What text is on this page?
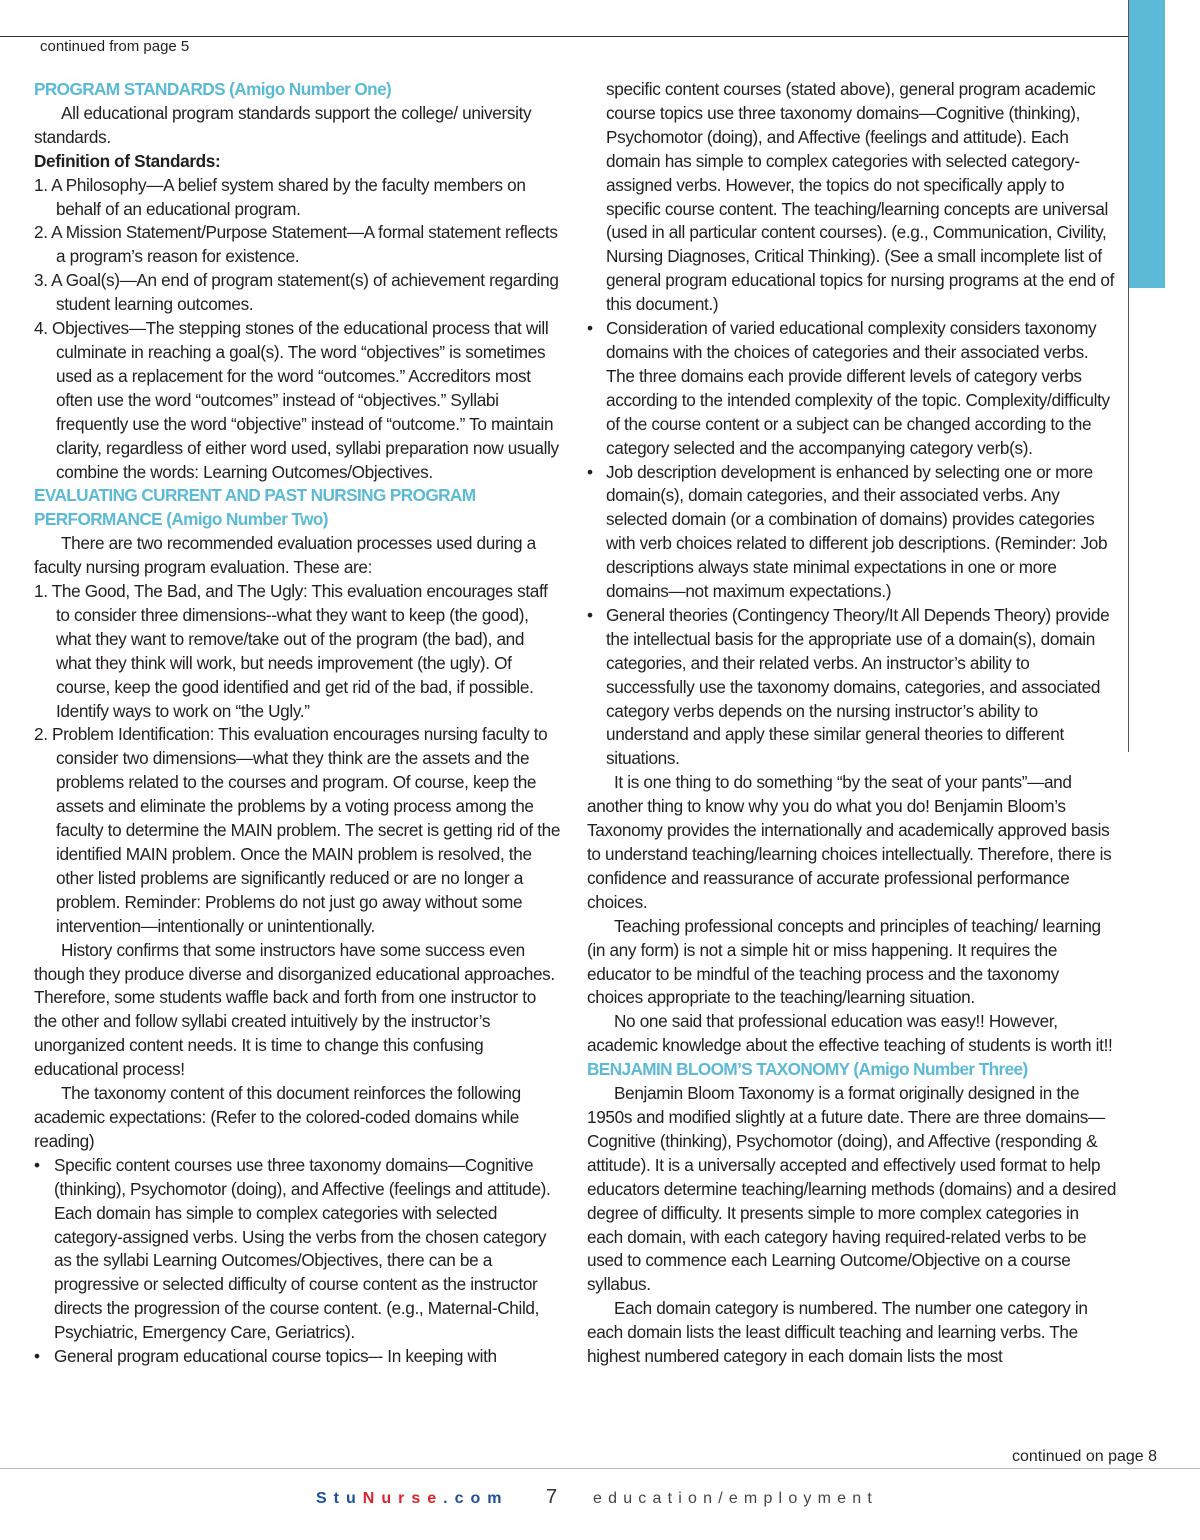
continued from page 5

PROGRAM STANDARDS (Amigo Number One)

All educational program standards support the college/ university standards.

Definition of Standards:

1. A Philosophy—A belief system shared by the faculty members on behalf of an educational program.

2. A Mission Statement/Purpose Statement—A formal statement reflects a program’s reason for existence.

3. A Goal(s)—An end of program statement(s) of achievement regarding student learning outcomes.

4. Objectives—The stepping stones of the educational process that will culminate in reaching a goal(s). The word “objectives” is sometimes used as a replacement for the word “outcomes.” Accreditors most often use the word “outcomes” instead of “objectives.” Syllabi frequently use the word “objective” instead of “outcome.” To maintain clarity, regardless of either word used, syllabi preparation now usually combine the words: Learning Outcomes/Objectives.

EVALUATING CURRENT AND PAST NURSING PROGRAM PERFORMANCE (Amigo Number Two)

There are two recommended evaluation processes used during a faculty nursing program evaluation. These are:

1. The Good, The Bad, and The Ugly: This evaluation encourages staff to consider three dimensions--what they want to keep (the good), what they want to remove/take out of the program (the bad), and what they think will work, but needs improvement (the ugly). Of course, keep the good identified and get rid of the bad, if possible. Identify ways to work on “the Ugly.”

2. Problem Identification: This evaluation encourages nursing faculty to consider two dimensions—what they think are the assets and the problems related to the courses and program. Of course, keep the assets and eliminate the problems by a voting process among the faculty to determine the MAIN problem. The secret is getting rid of the identified MAIN problem. Once the MAIN problem is resolved, the other listed problems are significantly reduced or are no longer a problem. Reminder: Problems do not just go away without some intervention—intentionally or unintentionally.

History confirms that some instructors have some success even though they produce diverse and disorganized educational approaches. Therefore, some students waffle back and forth from one instructor to the other and follow syllabi created intuitively by the instructor’s unorganized content needs. It is time to change this confusing educational process!

The taxonomy content of this document reinforces the following academic expectations: (Refer to the colored-coded domains while reading)

• Specific content courses use three taxonomy domains—Cognitive (thinking), Psychomotor (doing), and Affective (feelings and attitude). Each domain has simple to complex categories with selected category-assigned verbs. Using the verbs from the chosen category as the syllabi Learning Outcomes/Objectives, there can be a progressive or selected difficulty of course content as the instructor directs the progression of the course content. (e.g., Maternal-Child, Psychiatric, Emergency Care, Geriatrics).

• General program educational course topics–- In keeping with

specific content courses (stated above), general program academic course topics use three taxonomy domains—Cognitive (thinking), Psychomotor (doing), and Affective (feelings and attitude). Each domain has simple to complex categories with selected category-assigned verbs. However, the topics do not specifically apply to specific course content. The teaching/learning concepts are universal (used in all particular content courses). (e.g., Communication, Civility, Nursing Diagnoses, Critical Thinking). (See a small incomplete list of general program educational topics for nursing programs at the end of this document.)

• Consideration of varied educational complexity considers taxonomy domains with the choices of categories and their associated verbs. The three domains each provide different levels of category verbs according to the intended complexity of the topic. Complexity/difficulty of the course content or a subject can be changed according to the category selected and the accompanying category verb(s).

• Job description development is enhanced by selecting one or more domain(s), domain categories, and their associated verbs. Any selected domain (or a combination of domains) provides categories with verb choices related to different job descriptions. (Reminder: Job descriptions always state minimal expectations in one or more domains—not maximum expectations.)

• General theories (Contingency Theory/It All Depends Theory) provide the intellectual basis for the appropriate use of a domain(s), domain categories, and their related verbs. An instructor’s ability to successfully use the taxonomy domains, categories, and associated category verbs depends on the nursing instructor’s ability to understand and apply these similar general theories to different situations.

It is one thing to do something “by the seat of your pants”—and another thing to know why you do what you do! Benjamin Bloom’s Taxonomy provides the internationally and academically approved basis to understand teaching/learning choices intellectually. Therefore, there is confidence and reassurance of accurate professional performance choices.

Teaching professional concepts and principles of teaching/ learning (in any form) is not a simple hit or miss happening. It requires the educator to be mindful of the teaching process and the taxonomy choices appropriate to the teaching/learning situation.

No one said that professional education was easy!! However, academic knowledge about the effective teaching of students is worth it!!

BENJAMIN BLOOM’S TAXONOMY (Amigo Number Three)

Benjamin Bloom Taxonomy is a format originally designed in the 1950s and modified slightly at a future date. There are three domains—Cognitive (thinking), Psychomotor (doing), and Affective (responding & attitude). It is a universally accepted and effectively used format to help educators determine teaching/learning methods (domains) and a desired degree of difficulty. It presents simple to more complex categories in each domain, with each category having required-related verbs to be used to commence each Learning Outcome/Objective on a course syllabus.

Each domain category is numbered. The number one category in each domain lists the least difficult teaching and learning verbs. The highest numbered category in each domain lists the most

continued on page 8
StuNurse.com 7 education/employment
